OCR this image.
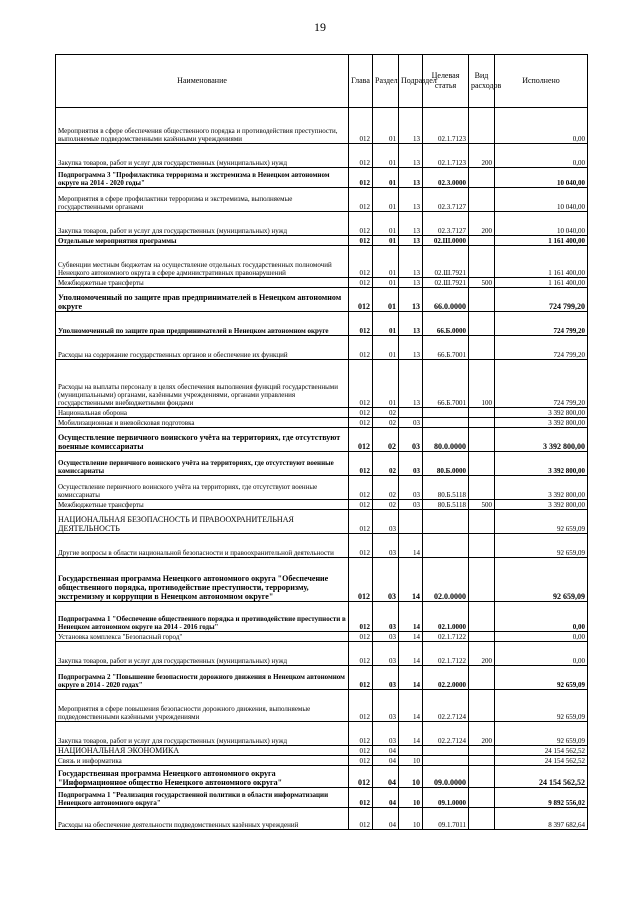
19
Наименование	Глава	Раздел	Подраздел	Целевая статья	Вид расходов	Исполнено
Мероприятия в сфере обеспечения общественного порядка и противодействия преступности, выполняемые подведомственными казёнными учреждениями	012	01	13	02.1.7123		0,00
Закупка товаров, работ и услуг для государственных (муниципальных) нужд	012	01	13	02.1.7123	200	0,00
Подпрограмма 3 "Профилактика терроризма и экстремизма в Ненецком автономном округе на 2014 - 2020 годы"	012	01	13	02.3.0000		10 040,00
Мероприятия в сфере профилактики терроризма и экстремизма, выполняемые государственными органами	012	01	13	02.3.7127		10 040,00
Закупка товаров, работ и услуг для государственных (муниципальных) нужд	012	01	13	02.3.7127	200	10 040,00
Отдельные мероприятия программы	012	01	13	02.Ш.0000		1 161 400,00
Субвенции местным бюджетам на осуществление отдельных государственных полномочий Ненецкого автономного округа в сфере административных правонарушений	012	01	13	02.Ш.7921		1 161 400,00
Межбюджетные трансферты	012	01	13	02.Ш.7921	500	1 161 400,00
Уполномоченный по защите прав предпринимателей в Ненецком автономном округе	012	01	13	66.0.0000		724 799,20
Уполномоченный по защите прав предпринимателей в Ненецком автономном округе	012	01	13	66.Б.0000		724 799,20
Расходы на содержание государственных органов и обеспечение их функций	012	01	13	66.Б.7001		724 799,20
Расходы на выплаты персоналу в целях обеспечения выполнения функций государственными (муниципальными) органами, казёнными учреждениями, органами управления государственными внебюджетными фондами	012	01	13	66.Б.7001	100	724 799,20
Национальная оборона	012	02				3 392 800,00
Мобилизационная и вневойсковая подготовка	012	02	03			3 392 800,00
Осуществление первичного воинского учёта на территориях, где отсутствуют военные комиссариаты	012	02	03	80.0.0000		3 392 800,00
Осуществление первичного воинского учёта на территориях, где отсутствуют военные комиссариаты	012	02	03	80.Б.0000		3 392 800,00
Осуществление первичного воинского учёта на территориях, где отсутствуют военные комиссариаты	012	02	03	80.Б.5118		3 392 800,00
Межбюджетные трансферты	012	02	03	80.Б.5118	500	3 392 800,00
НАЦИОНАЛЬНАЯ БЕЗОПАСНОСТЬ И ПРАВООХРАНИТЕЛЬНАЯ ДЕЯТЕЛЬНОСТЬ	012	03				92 659,09
Другие вопросы в области национальной безопасности и правоохранительной деятельности	012	03	14			92 659,09
Государственная программа Ненецкого автономного округа "Обеспечение общественного порядка, противодействие преступности, терроризму, экстремизму и коррупции в Ненецком автономном округе"	012	03	14	02.0.0000		92 659,09
Подпрограмма 1 "Обеспечение общественного порядка и противодействие преступности в Ненецком автономном округе на 2014 - 2016 годы"	012	03	14	02.1.0000		0,00
Установка комплекса "Безопасный город"	012	03	14	02.1.7122		0,00
Закупка товаров, работ и услуг для государственных (муниципальных) нужд	012	03	14	02.1.7122	200	0,00
Подпрограмма 2 "Повышение безопасности дорожного движения в Ненецком автономном округе в 2014 - 2020 годах"	012	03	14	02.2.0000		92 659,09
Мероприятия в сфере повышения безопасности дорожного движения, выполняемые подведомственными казёнными учреждениями	012	03	14	02.2.7124		92 659,09
Закупка товаров, работ и услуг для государственных (муниципальных) нужд	012	03	14	02.2.7124	200	92 659,09
НАЦИОНАЛЬНАЯ ЭКОНОМИКА	012	04				24 154 562,52
Связь и информатика	012	04	10			24 154 562,52
Государственная программа Ненецкого автономного округа "Информационное общество Ненецкого автономного округа"	012	04	10	09.0.0000		24 154 562,52
Подпрограмма 1 "Реализация государственной политики в области информатизации Ненецкого автономного округа"	012	04	10	09.1.0000		9 892 556,02
Расходы на обеспечение деятельности подведомственных казённых учреждений	012	04	10	09.1.7011		8 397 682,64
